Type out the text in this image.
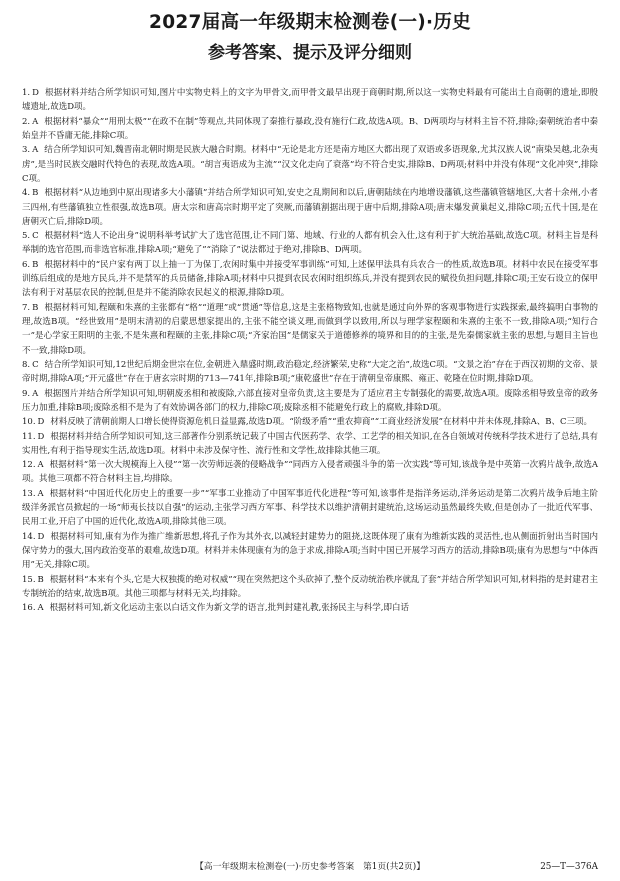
2027届高一年级期末检测卷(一)·历史
参考答案、提示及评分细则
1. D 根据材料并结合所学知识可知,图片中实物史料上的文字为甲骨文,而甲骨文最早出现于商朝时期,所以这一实物史料最有可能出土自商朝的遗址,即殷墟遗址,故选D项。
2. A 根据材料“暴众”“用刑太极”“在政不在制”等观点,共同体现了秦推行暴政,没有施行仁政,故选A项。B、D两项均与材料主旨不符,排除;秦朝统治者中秦始皇并不昏庸无能,排除C项。
3. A 结合所学知识可知,魏晋南北朝时期是民族大融合时期。材料中“无论是北方还是南方地区大都出现了双语或多语现象,尤其汉族人说“南染吴越,北杂夷虏”,是当时民族交融时代特色的表现,故选A项。“胡言夷语成为主流”“汉文化走向了衰落”均不符合史实,排除B、D两项;材料中并没有体现“文化冲突”,排除C项。
4. B 根据材料“从边地到中原出现诸多大小藩镇”并结合所学知识可知,安史之乱期间和以后,唐朝陆续在内地增设藩镇,这些藩镇管辖地区,大者十余州,小者三四州,有些藩镇独立性很强,故选B项。唐太宗和唐高宗时期平定了突厥,而藩镇割据出现于唐中后期,排除A项;唐末爆发黄巢起义,排除C项;五代十国,是在唐朝灭亡后,排除D项。
5. C 根据材料“选人不论出身”说明科举考试扩大了选官范围,让不同门第、地域、行业的人都有机会入仕,这有利于扩大统治基础,故选C项。材料主旨是科举制的选官范围,而非选官标准,排除A项;“避免了”“消除了”说法都过于绝对,排除B、D两项。
6. B 根据材料中的“民户家有两丁以上抽一丁为保丁,农闲时集中并接受军事训练”可知,上述保甲法具有兵农合一的性质,故选B项。材料中农民在接受军事训练后组成的是地方民兵,并不是禁军的兵员储备,排除A项;材料中只提到农民农闲时组织练兵,并没有提到农民的赋役负担问题,排除C项;王安石设立的保甲法有利于对基层农民的控制,但是并不能消除农民起义的根源,排除D项。
7. B 根据材料可知,程颐和朱熹的主张都有“格”“道理”或“贯通”等信息,这是主张格物致知,也就是通过向外界的客观事物进行实践探索,最终搞明白事物的理,故选B项。“经世致用”是明末清初的启蒙思想家提出的,主张不能空谈义理,而做到学以致用,所以与理学家程颐和朱熹的主张不一致,排除A项;“知行合一”是心学家王阳明的主张,不是朱熹和程颐的主张,排除C项;“齐家治国”是儒家关于道德修养的境界和目的的主张,是先秦儒家就主张的思想,与题目主旨也不一致,排除D项。
8. C 结合所学知识可知,12世纪后期金世宗在位,金朝进入鼎盛时期,政治稳定,经济繁荣,史称“大定之治”,故选C项。“文景之治”存在于西汉初期的文帝、景帝时期,排除A项;“开元盛世”存在于唐玄宗时期的713—741年,排除B项;“康乾盛世”存在于清朝皇帝康熙、雍正、乾隆在位时期,排除D项。
9. A 根据图片并结合所学知识可知,明朝废丞相和被废除,六部直接对皇帝负责,这主要是为了适应君主专制强化的需要,故选A项。废除丞相导致皇帝的政务压力加重,排除B项;废除丞相不是为了有效协调各部门的权力,排除C项;废除丞相不能避免行政上的腐败,排除D项。
10. D 材料反映了清朝前期人口增长使得资源危机日益显露,故选D项。“阶级矛盾”“重农抑商”“工商业经济发展”在材料中并未体现,排除A、B、C三项。
11. D 根据材料并结合所学知识可知,这三部著作分别系统记载了中国古代医药学、农学、工艺学的相关知识,在各自领域对传统科学技术进行了总结,具有实用性,有利于指导现实生活,故选D项。材料中未涉及保守性、流行性和文学性,故排除其他三项。
12. A 根据材料“第一次大规模海上入侵”“第一次劳师远袭的侵略战争”“同西方入侵者顽强斗争的第一次实践”等可知,该战争是中英第一次鸦片战争,故选A项。其他三项都不符合材料主旨,均排除。
13. A 根据材料“中国近代化历史上的重要一步”“军事工业推动了中国军事近代化进程”等可知,该事件是指洋务运动,洋务运动是第二次鸦片战争后地主阶级洋务派官员掀起的一场“师夷长技以自强”的运动,主张学习西方军事、科学技术以维护清朝封建统治,这场运动虽然最终失败,但是创办了一批近代军事、民用工业,开启了中国的近代化,故选A项,排除其他三项。
14. D 根据材料可知,康有为作为推广维新思想,将孔子作为其外衣,以减轻封建势力的阻挠,这既体现了康有为维新实践的灵活性,也从侧面折射出当时国内保守势力的强大,国内政治变革的艰难,故选D项。材料并未体现康有为的急于求成,排除A项;当时中国已开展学习西方的活动,排除B项;康有为思想与“中体西用”无关,排除C项。
15. B 根据材料“本来有个头,它是大权独揽的绝对权威”“现在突然把这个头砍掉了,整个反动统治秩序就乱了套”并结合所学知识可知,材料指的是封建君主专制统治的结束,故选B项。其他三项都与材料无关,均排除。
16. A 根据材料可知,新文化运动主张以白话文作为新文学的语言,批判封建礼教,张扬民主与科学,即白话
【高一年级期末检测卷(一)·历史参考答案　第1页(共2页)】	25—T—376A
